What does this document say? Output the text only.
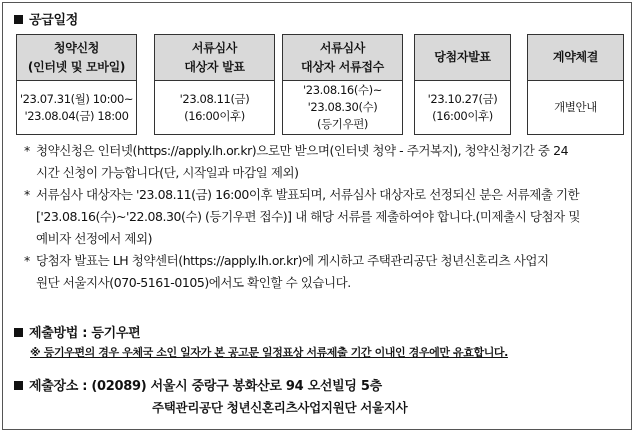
공급일정
청약신청
(인터넷 및 모바일)
'23.07.31(월) 10:00~
'23.08.04(금) 18:00
서류심사
대상자 발표
'23.08.11(금)
(16:00이후)
서류심사
대상자 서류접수
'23.08.16(수)~
'23.08.30(수)
(등기우편)
당첨자발표
'23.10.27(금)
(16:00이후)
계약체결
개별안내
* 청약신청은 인터넷(https://apply.lh.or.kr)으로만 받으며(인터넷 청약 - 주거복지), 청약신청기간 중 24
시간 신청이 가능합니다(단, 시작일과 마감일 제외)
* 서류심사 대상자는 '23.08.11(금) 16:00이후 발표되며, 서류심사 대상자로 선정되신 분은 서류제출 기한
['23.08.16(수)~'22.08.30(수) (등기우편 접수)] 내 해당 서류를 제출하여야 합니다.(미제출시 당첨자 및
예비자 선정에서 제외)
* 당첨자 발표는 LH 청약센터(https://apply.lh.or.kr)에 게시하고 주택관리공단 청년신혼리츠 사업지
원단 서울지사(070-5161-0105)에서도 확인할 수 있습니다.
제출방법 : 등기우편
※ 등기우편의 경우 우체국 소인 일자가 본 공고문 일정표상 서류제출 기간 이내인 경우에만 유효합니다.
제출장소 : (02089) 서울시 중랑구 봉화산로 94 오선빌딩 5층
주택관리공단 청년신혼리츠사업지원단 서울지사
